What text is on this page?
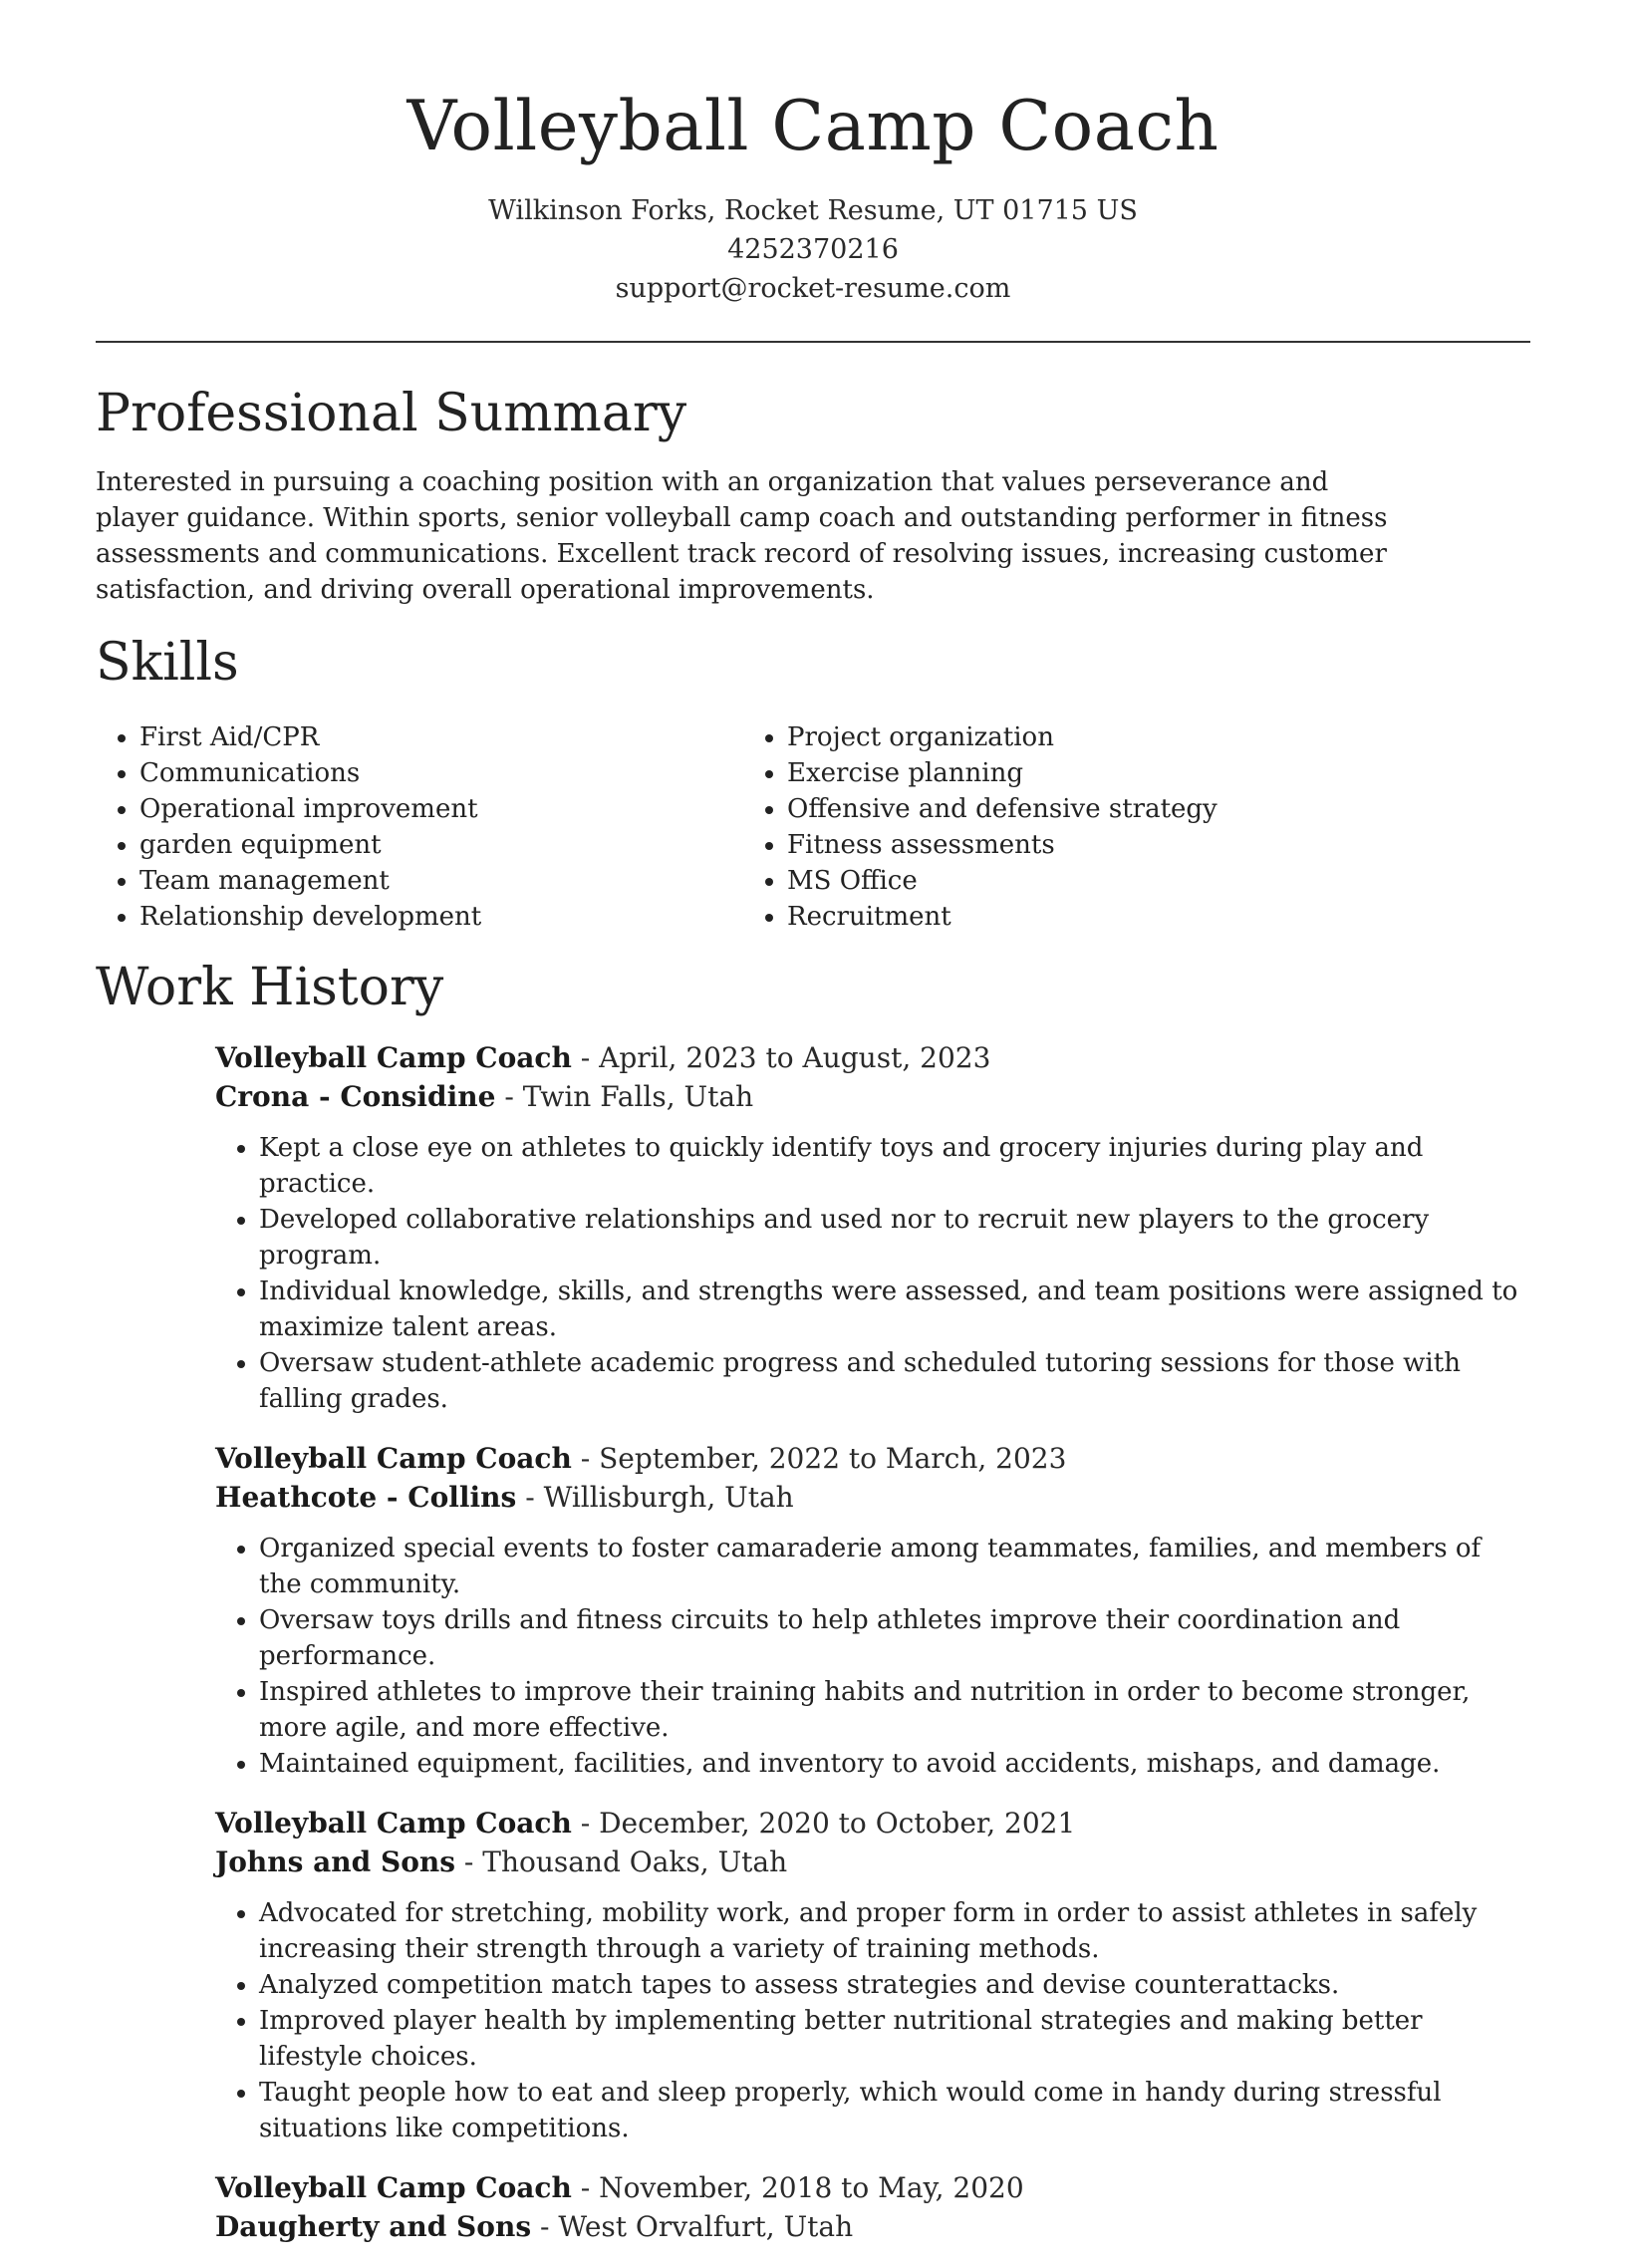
Volleyball Camp Coach
Wilkinson Forks, Rocket Resume, UT 01715 US
4252370216
support@rocket-resume.com
Professional Summary

Interested in pursuing a coaching position with an organization that values perseverance and player guidance. Within sports, senior volleyball camp coach and outstanding performer in fitness assessments and communications. Excellent track record of resolving issues, increasing customer satisfaction, and driving overall operational improvements.

Skills
• First Aid/CPR
• Communications
• Operational improvement
• garden equipment
• Team management
• Relationship development
• Project organization
• Exercise planning
• Offensive and defensive strategy
• Fitness assessments
• MS Office
• Recruitment
Work History
Volleyball Camp Coach - April, 2023 to August, 2023
Crona - Considine - Twin Falls, Utah
• Kept a close eye on athletes to quickly identify toys and grocery injuries during play and practice.
• Developed collaborative relationships and used nor to recruit new players to the grocery program.
• Individual knowledge, skills, and strengths were assessed, and team positions were assigned to maximize talent areas.
• Oversaw student-athlete academic progress and scheduled tutoring sessions for those with falling grades.
Volleyball Camp Coach - September, 2022 to March, 2023
Heathcote - Collins - Willisburgh, Utah
• Organized special events to foster camaraderie among teammates, families, and members of the community.
• Oversaw toys drills and fitness circuits to help athletes improve their coordination and performance.
• Inspired athletes to improve their training habits and nutrition in order to become stronger, more agile, and more effective.
• Maintained equipment, facilities, and inventory to avoid accidents, mishaps, and damage.
Volleyball Camp Coach - December, 2020 to October, 2021
Johns and Sons - Thousand Oaks, Utah
• Advocated for stretching, mobility work, and proper form in order to assist athletes in safely increasing their strength through a variety of training methods.
• Analyzed competition match tapes to assess strategies and devise counterattacks.
• Improved player health by implementing better nutritional strategies and making better lifestyle choices.
• Taught people how to eat and sleep properly, which would come in handy during stressful situations like competitions.
Volleyball Camp Coach - November, 2018 to May, 2020
Daugherty and Sons - West Orvalfurt, Utah
